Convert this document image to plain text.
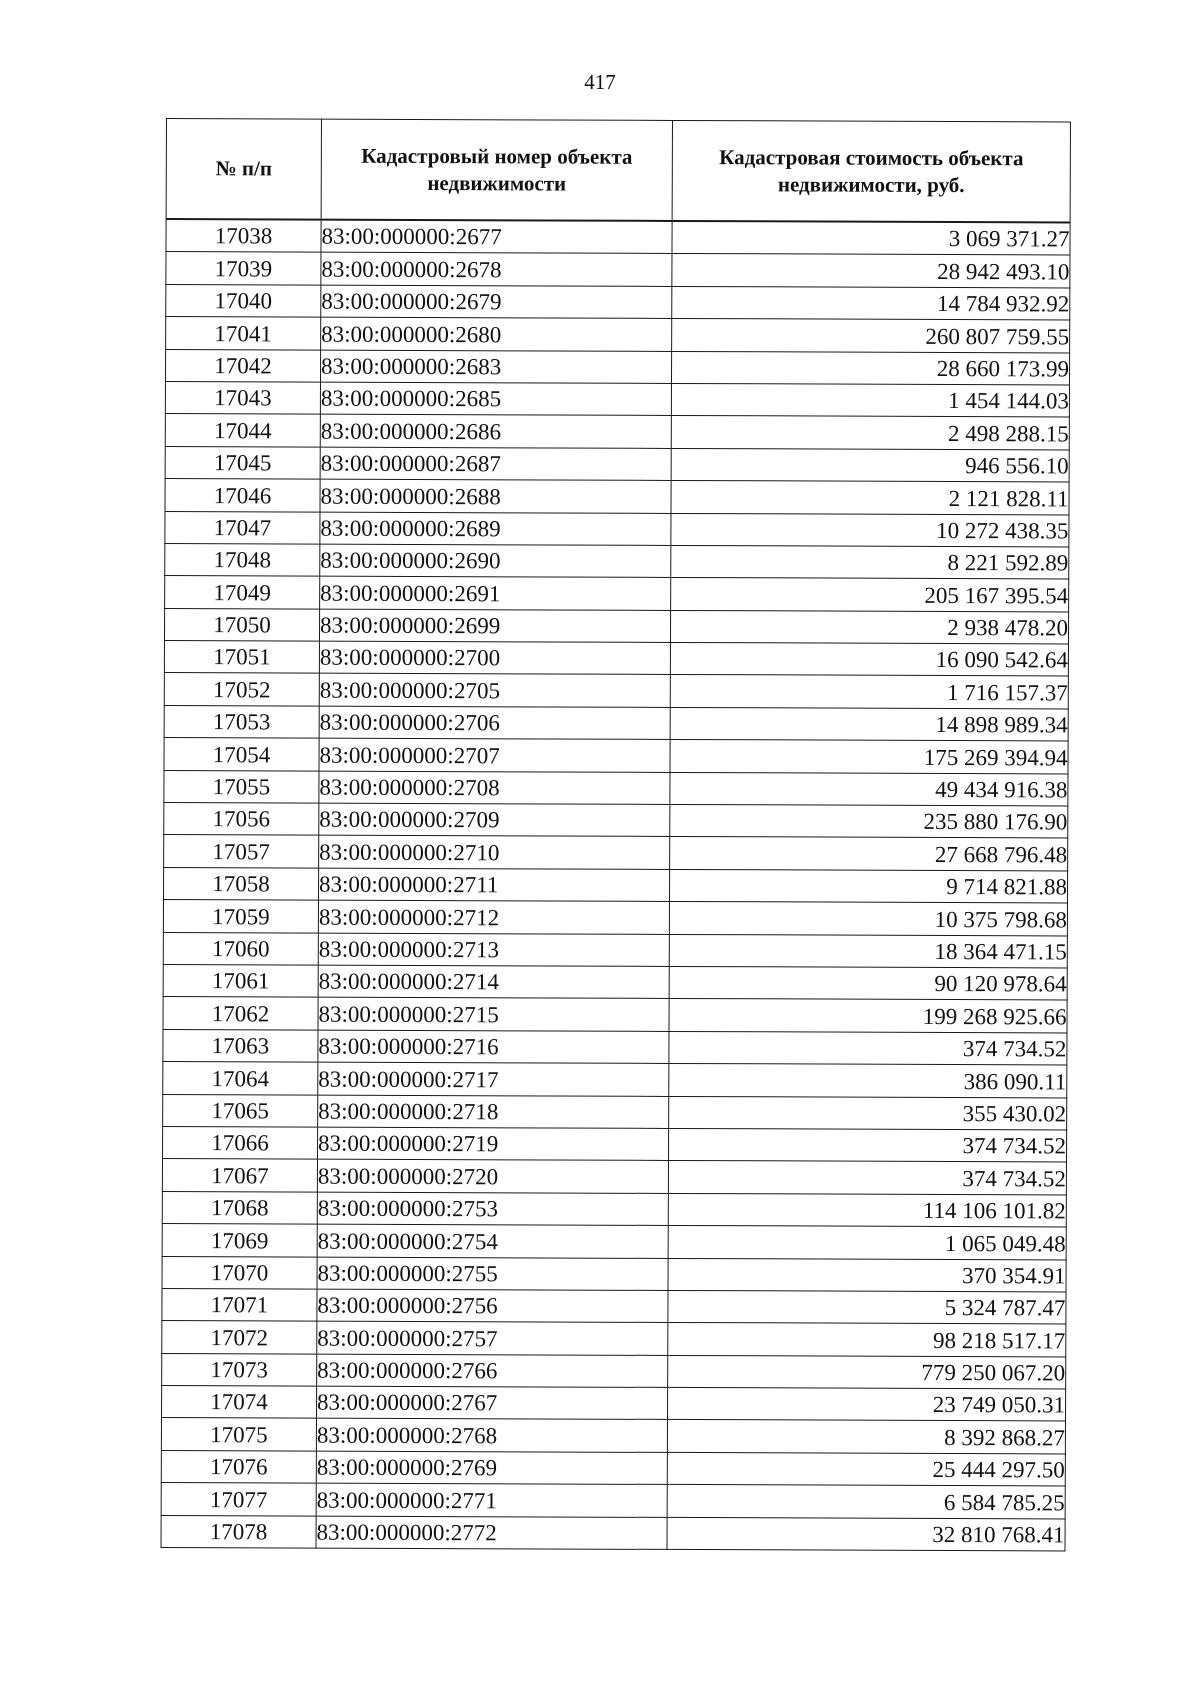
417
№ п/п	Кадастровый номер объекта недвижимости	Кадастровая стоимость объекта недвижимости, руб.
17038	83:00:000000:2677	3 069 371.27
17039	83:00:000000:2678	28 942 493.10
17040	83:00:000000:2679	14 784 932.92
17041	83:00:000000:2680	260 807 759.55
17042	83:00:000000:2683	28 660 173.99
17043	83:00:000000:2685	1 454 144.03
17044	83:00:000000:2686	2 498 288.15
17045	83:00:000000:2687	946 556.10
17046	83:00:000000:2688	2 121 828.11
17047	83:00:000000:2689	10 272 438.35
17048	83:00:000000:2690	8 221 592.89
17049	83:00:000000:2691	205 167 395.54
17050	83:00:000000:2699	2 938 478.20
17051	83:00:000000:2700	16 090 542.64
17052	83:00:000000:2705	1 716 157.37
17053	83:00:000000:2706	14 898 989.34
17054	83:00:000000:2707	175 269 394.94
17055	83:00:000000:2708	49 434 916.38
17056	83:00:000000:2709	235 880 176.90
17057	83:00:000000:2710	27 668 796.48
17058	83:00:000000:2711	9 714 821.88
17059	83:00:000000:2712	10 375 798.68
17060	83:00:000000:2713	18 364 471.15
17061	83:00:000000:2714	90 120 978.64
17062	83:00:000000:2715	199 268 925.66
17063	83:00:000000:2716	374 734.52
17064	83:00:000000:2717	386 090.11
17065	83:00:000000:2718	355 430.02
17066	83:00:000000:2719	374 734.52
17067	83:00:000000:2720	374 734.52
17068	83:00:000000:2753	114 106 101.82
17069	83:00:000000:2754	1 065 049.48
17070	83:00:000000:2755	370 354.91
17071	83:00:000000:2756	5 324 787.47
17072	83:00:000000:2757	98 218 517.17
17073	83:00:000000:2766	779 250 067.20
17074	83:00:000000:2767	23 749 050.31
17075	83:00:000000:2768	8 392 868.27
17076	83:00:000000:2769	25 444 297.50
17077	83:00:000000:2771	6 584 785.25
17078	83:00:000000:2772	32 810 768.41
